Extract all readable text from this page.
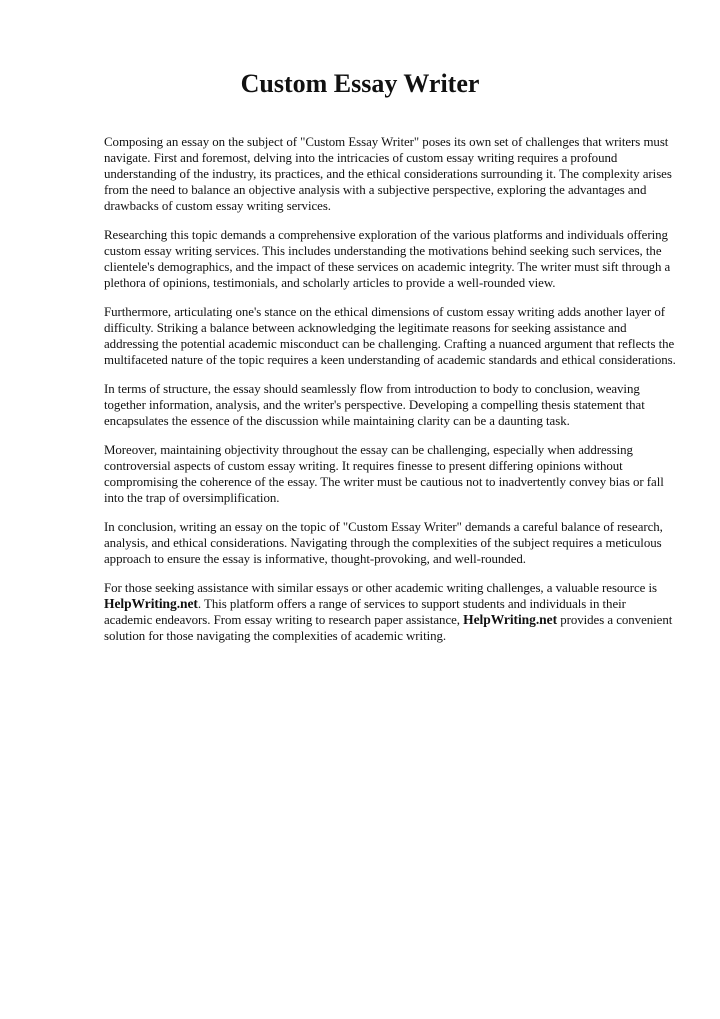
Custom Essay Writer

Composing an essay on the subject of "Custom Essay Writer" poses its own set of challenges that writers must navigate. First and foremost, delving into the intricacies of custom essay writing requires a profound understanding of the industry, its practices, and the ethical considerations surrounding it. The complexity arises from the need to balance an objective analysis with a subjective perspective, exploring the advantages and drawbacks of custom essay writing services.

Researching this topic demands a comprehensive exploration of the various platforms and individuals offering custom essay writing services. This includes understanding the motivations behind seeking such services, the clientele's demographics, and the impact of these services on academic integrity. The writer must sift through a plethora of opinions, testimonials, and scholarly articles to provide a well-rounded view.

Furthermore, articulating one's stance on the ethical dimensions of custom essay writing adds another layer of difficulty. Striking a balance between acknowledging the legitimate reasons for seeking assistance and addressing the potential academic misconduct can be challenging. Crafting a nuanced argument that reflects the multifaceted nature of the topic requires a keen understanding of academic standards and ethical considerations.

In terms of structure, the essay should seamlessly flow from introduction to body to conclusion, weaving together information, analysis, and the writer's perspective. Developing a compelling thesis statement that encapsulates the essence of the discussion while maintaining clarity can be a daunting task.

Moreover, maintaining objectivity throughout the essay can be challenging, especially when addressing controversial aspects of custom essay writing. It requires finesse to present differing opinions without compromising the coherence of the essay. The writer must be cautious not to inadvertently convey bias or fall into the trap of oversimplification.

In conclusion, writing an essay on the topic of "Custom Essay Writer" demands a careful balance of research, analysis, and ethical considerations. Navigating through the complexities of the subject requires a meticulous approach to ensure the essay is informative, thought-provoking, and well-rounded.

For those seeking assistance with similar essays or other academic writing challenges, a valuable resource is HelpWriting.net. This platform offers a range of services to support students and individuals in their academic endeavors. From essay writing to research paper assistance, HelpWriting.net provides a convenient solution for those navigating the complexities of academic writing.
